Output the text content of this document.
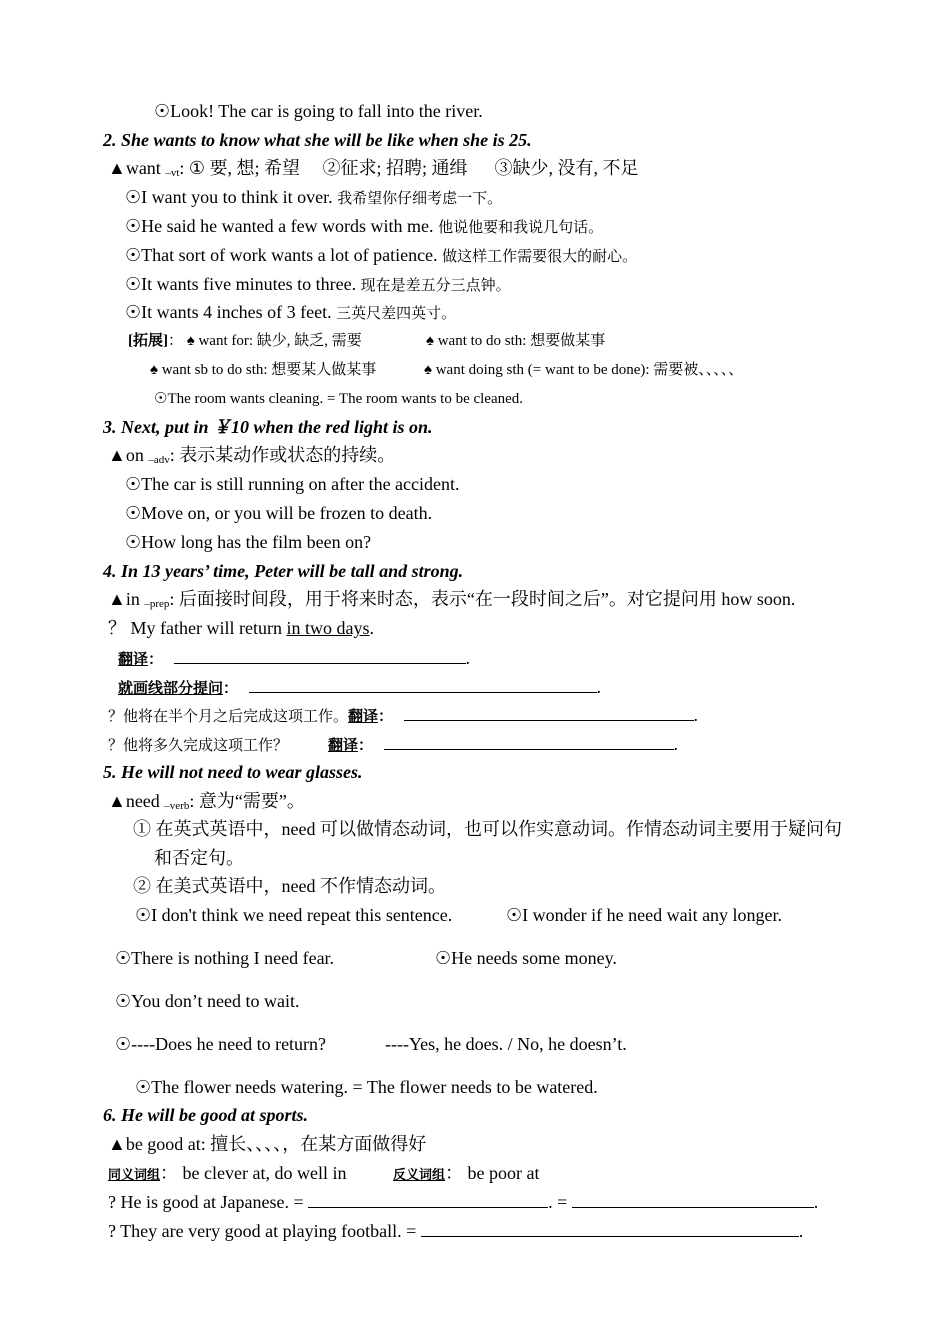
☉Look! The car is going to fall into the river.
2. She wants to know what she will be like when she is 25.
▲want –vt: ① 要, 想; 希望　 ②征求; 招聘; 通缉 　 ③缺少, 没有, 不足
☉I want you to think it over. 我希望你仔细考虑一下。
☉He said he wanted a few words with me. 他说他要和我说几句话。
☉That sort of work wants a lot of patience. 做这样工作需要很大的耐心。
☉It wants five minutes to three. 现在是差五分三点钟。
☉It wants 4 inches of 3 feet. 三英尺差四英寸。
[拓展]： ♠ want for: 缺少, 缺乏, 需要	♠ want to do sth: 想要做某事
♠ want sb to do sth: 想要某人做某事	♠ want doing sth (= want to be done): 需要被、、、、、
☉The room wants cleaning. = The room wants to be cleaned.
3. Next, put in ￥10 when the red light is on.
▲on –adv: 表示某动作或状态的持续。
☉The car is still running on after the accident.
☉Move on, or you will be frozen to death.
☉How long has the film been on?
4. In 13 years’ time, Peter will be tall and strong.
▲in –prep: 后面接时间段，用于将来时态，表示“在一段时间之后”。对它提问用 how soon.
？ My father will return in two days.
翻译：	.
就画线部分提问：	.
？他将在半个月之后完成这项工作。翻译：	.
？他将多久完成这项工作？	翻译：	.
5. He will not need to wear glasses.
▲need –verb: 意为“需要”。
① 在英式英语中，need 可以做情态动词，也可以作实意动词。作情态动词主要用于疑问句
和否定句。
② 在美式英语中，need 不作情态动词。
☉I don't think we need repeat this sentence.	☉I wonder if he need wait any longer.
☉There is nothing I need fear.	☉He needs some money.
☉You don’t need to wait.
☉----Does he need to return?	----Yes, he does. / No, he doesn’t.
☉The flower needs watering. = The flower needs to be watered.
6. He will be good at sports.
▲be good at: 擅长、、、、，在某方面做得好
同义词组： be clever at, do well in	反义词组： be poor at
? He is good at Japanese. =	. =	.
? They are very good at playing football. =	.
